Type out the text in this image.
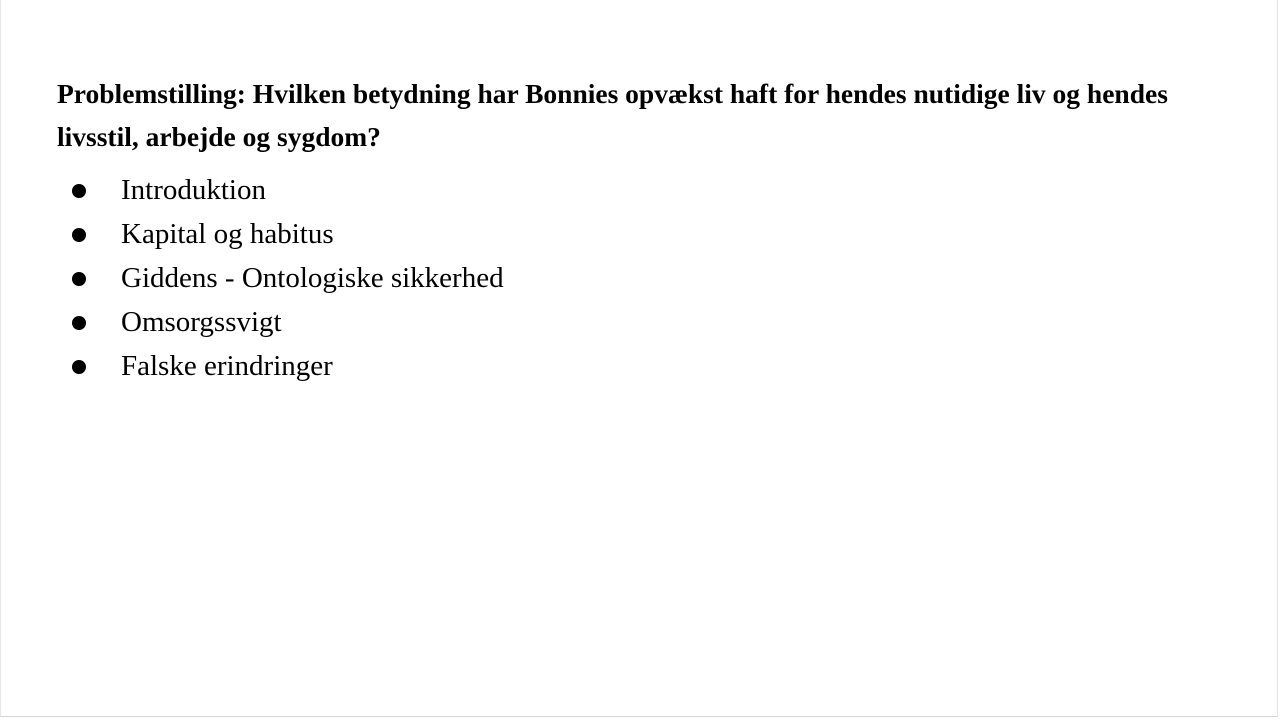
Problemstilling: Hvilken betydning har Bonnies opvækst haft for hendes nutidige liv og hendes livsstil, arbejde og sygdom?

Introduktion
Kapital og habitus
Giddens - Ontologiske sikkerhed
Omsorgssvigt
Falske erindringer
